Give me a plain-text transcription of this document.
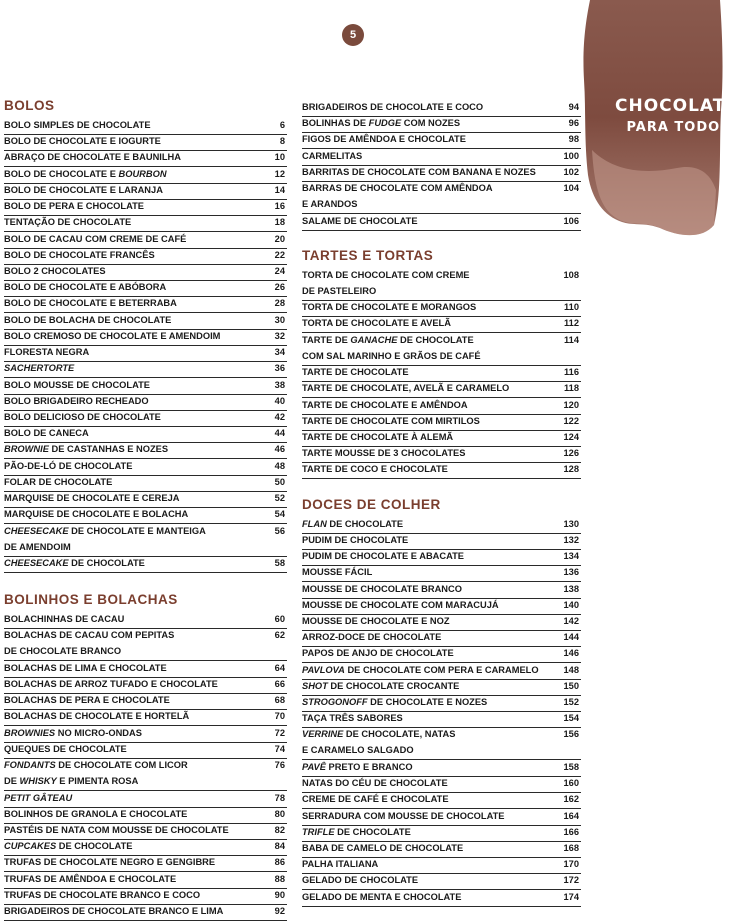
5
CHOCOLATE
PARA TODOS
BOLOS
BOLO SIMPLES DE CHOCOLATE	6
BOLO DE CHOCOLATE E IOGURTE	8
ABRAÇO DE CHOCOLATE E BAUNILHA	10
BOLO DE CHOCOLATE E BOURBON	12
BOLO DE CHOCOLATE E LARANJA	14
BOLO DE PERA E CHOCOLATE	16
TENTAÇÃO DE CHOCOLATE	18
BOLO DE CACAU COM CREME DE CAFÉ	20
BOLO DE CHOCOLATE FRANCÊS	22
BOLO 2 CHOCOLATES	24
BOLO DE CHOCOLATE E ABÓBORA	26
BOLO DE CHOCOLATE E BETERRABA	28
BOLO DE BOLACHA DE CHOCOLATE	30
BOLO CREMOSO DE CHOCOLATE E AMENDOIM	32
FLORESTA NEGRA	34
SACHERTORTE	36
BOLO MOUSSE DE CHOCOLATE	38
BOLO BRIGADEIRO RECHEADO	40
BOLO DELICIOSO DE CHOCOLATE	42
BOLO DE CANECA	44
BROWNIE DE CASTANHAS E NOZES	46
PÃO-DE-LÓ DE CHOCOLATE	48
FOLAR DE CHOCOLATE	50
MARQUISE DE CHOCOLATE E CEREJA	52
MARQUISE DE CHOCOLATE E BOLACHA	54
CHEESECAKE DE CHOCOLATE E MANTEIGA
DE AMENDOIM
56
CHEESECAKE DE CHOCOLATE	58
BOLINHOS E BOLACHAS
BOLACHINHAS DE CACAU	60
BOLACHAS DE CACAU COM PEPITAS
DE CHOCOLATE BRANCO
62
BOLACHAS DE LIMA E CHOCOLATE	64
BOLACHAS DE ARROZ TUFADO E CHOCOLATE	66
BOLACHAS DE PERA E CHOCOLATE	68
BOLACHAS DE CHOCOLATE E HORTELÃ	70
BROWNIES NO MICRO-ONDAS	72
QUEQUES DE CHOCOLATE	74
FONDANTS DE CHOCOLATE COM LICOR
DE WHISKY E PIMENTA ROSA
76
PETIT GÂTEAU	78
BOLINHOS DE GRANOLA E CHOCOLATE	80
PASTÉIS DE NATA COM MOUSSE DE CHOCOLATE	82
CUPCAKES DE CHOCOLATE	84
TRUFAS DE CHOCOLATE NEGRO E GENGIBRE	86
TRUFAS DE AMÊNDOA E CHOCOLATE	88
TRUFAS DE CHOCOLATE BRANCO E COCO	90
BRIGADEIROS DE CHOCOLATE BRANCO E LIMA	92
BRIGADEIROS DE CHOCOLATE E COCO	94
BOLINHAS DE FUDGE COM NOZES	96
FIGOS DE AMÊNDOA E CHOCOLATE	98
CARMELITAS	100
BARRITAS DE CHOCOLATE COM BANANA E NOZES	102
BARRAS DE CHOCOLATE COM AMÊNDOA
E ARANDOS
104
SALAME DE CHOCOLATE	106
TARTES E TORTAS
TORTA DE CHOCOLATE COM CREME
DE PASTELEIRO
108
TORTA DE CHOCOLATE E MORANGOS	110
TORTA DE CHOCOLATE E AVELÃ	112
TARTE DE GANACHE DE CHOCOLATE
COM SAL MARINHO E GRÃOS DE CAFÉ
114
TARTE DE CHOCOLATE	116
TARTE DE CHOCOLATE, AVELÃ E CARAMELO	118
TARTE DE CHOCOLATE E AMÊNDOA	120
TARTE DE CHOCOLATE COM MIRTILOS	122
TARTE DE CHOCOLATE À ALEMÃ	124
TARTE MOUSSE DE 3 CHOCOLATES	126
TARTE DE COCO E CHOCOLATE	128
DOCES DE COLHER
FLAN DE CHOCOLATE	130
PUDIM DE CHOCOLATE	132
PUDIM DE CHOCOLATE E ABACATE	134
MOUSSE FÁCIL	136
MOUSSE DE CHOCOLATE BRANCO	138
MOUSSE DE CHOCOLATE COM MARACUJÁ	140
MOUSSE DE CHOCOLATE E NOZ	142
ARROZ-DOCE DE CHOCOLATE	144
PAPOS DE ANJO DE CHOCOLATE	146
PAVLOVA DE CHOCOLATE COM PERA E CARAMELO	148
SHOT DE CHOCOLATE CROCANTE	150
STROGONOFF DE CHOCOLATE E NOZES	152
TAÇA TRÊS SABORES	154
VERRINE DE CHOCOLATE, NATAS
E CARAMELO SALGADO
156
PAVÊ PRETO E BRANCO	158
NATAS DO CÉU DE CHOCOLATE	160
CREME DE CAFÉ E CHOCOLATE	162
SERRADURA COM MOUSSE DE CHOCOLATE	164
TRIFLE DE CHOCOLATE	166
BABA DE CAMELO DE CHOCOLATE	168
PALHA ITALIANA	170
GELADO DE CHOCOLATE	172
GELADO DE MENTA E CHOCOLATE	174
